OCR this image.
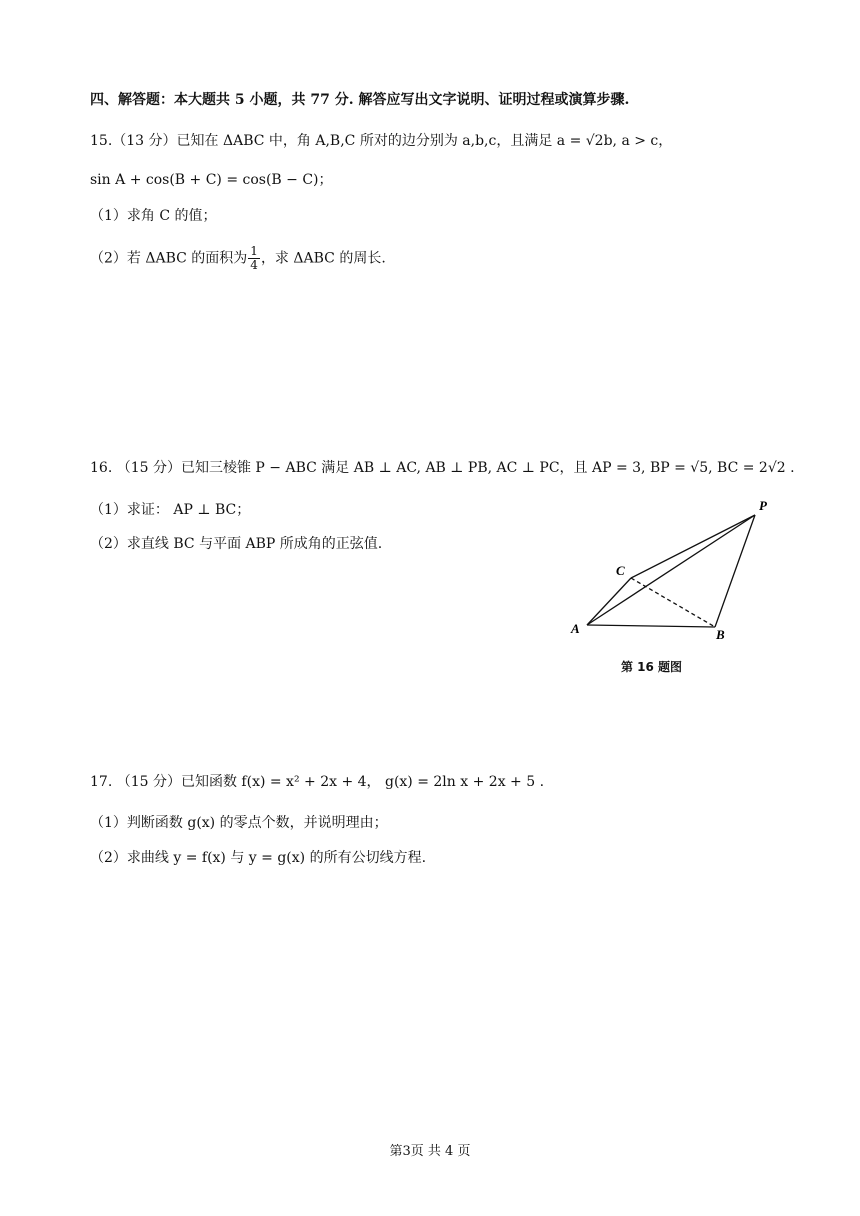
四、解答题：本大题共 5 小题，共 77 分. 解答应写出文字说明、证明过程或演算步骤.
15.（13 分）已知在 ΔABC 中，角 A,B,C 所对的边分别为 a,b,c，且满足 a = √2b, a > c，
sin A + cos(B + C) = cos(B − C)；
（1）求角 C 的值；
（2）若 ΔABC 的面积为 $\frac{1}{4}$ ，求 ΔABC 的周长.
16. （15 分）已知三棱锥 P − ABC 满足 AB ⊥ AC, AB ⊥ PB, AC ⊥ PC，且 AP = 3, BP = √5, BC = 2√2 .
（1）求证： AP ⊥ BC；
（2）求直线 BC 与平面 ABP 所成角的正弦值.
P
C
A	B
第 16 题图
17. （15 分）已知函数 f(x) = x² + 2x + 4， g(x) = 2ln x + 2x + 5 .
（1）判断函数 g(x) 的零点个数，并说明理由；
（2）求曲线 y = f(x) 与 y = g(x) 的所有公切线方程.
第3页 共 4 页
